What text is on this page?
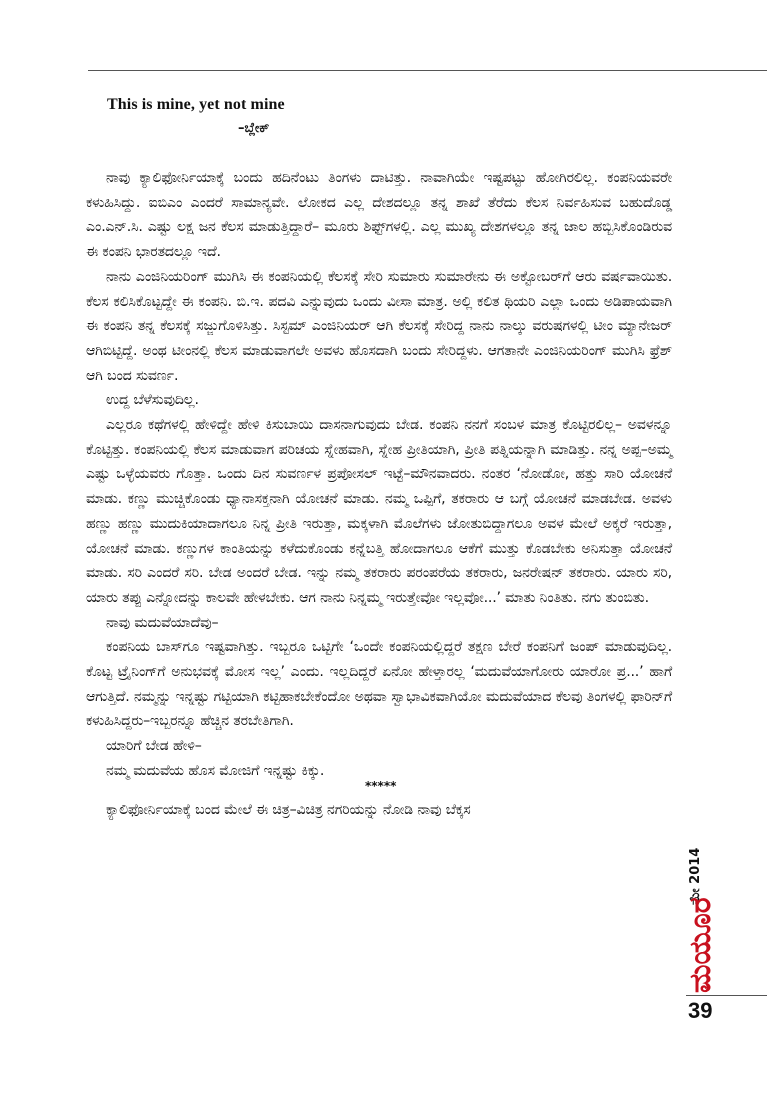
This is mine, yet not mine
–ಬ್ಲೇಕ್

ನಾವು ಕ್ಯಾಲಿಫೋರ್ನಿಯಾಕ್ಕೆ ಬಂದು ಹದಿನೆಂಟು ತಿಂಗಳು ದಾಟಿತ್ತು. ನಾವಾಗಿಯೇ ಇಷ್ಟಪಟ್ಟು ಹೋಗಿರಲಿಲ್ಲ. ಕಂಪನಿಯವರೇ ಕಳುಹಿಸಿದ್ದು. ಐಬಿಎಂ ಎಂದರೆ ಸಾಮಾನ್ಯವೇ. ಲೋಕದ ಎಲ್ಲ ದೇಶದಲ್ಲೂ ತನ್ನ ಶಾಖೆ ತೆರೆದು ಕೆಲಸ ನಿರ್ವಹಿಸುವ ಬಹುದೊಡ್ಡ ಎಂ.ಎನ್.ಸಿ. ಎಷ್ಟು ಲಕ್ಷ ಜನ ಕೆಲಸ ಮಾಡುತ್ತಿದ್ದಾರೆ– ಮೂರು ಶಿಫ್ಟ್‌ಗಳಲ್ಲಿ. ಎಲ್ಲ ಮುಖ್ಯ ದೇಶಗಳಲ್ಲೂ ತನ್ನ ಜಾಲ ಹಬ್ಬಿಸಿಕೊಂಡಿರುವ ಈ ಕಂಪನಿ ಭಾರತದಲ್ಲೂ ಇದೆ.

ನಾನು ಎಂಜಿನಿಯರಿಂಗ್ ಮುಗಿಸಿ ಈ ಕಂಪನಿಯಲ್ಲಿ ಕೆಲಸಕ್ಕೆ ಸೇರಿ ಸುಮಾರು ಸುಮಾರೇನು ಈ ಅಕ್ಟೋಬರ್‌ಗೆ ಆರು ವರ್ಷವಾಯಿತು. ಕೆಲಸ ಕಲಿಸಿಕೊಟ್ಟದ್ದೇ ಈ ಕಂಪನಿ. ಬಿ.ಇ. ಪದವಿ ಎನ್ನುವುದು ಒಂದು ವೀಸಾ ಮಾತ್ರ. ಅಲ್ಲಿ ಕಲಿತ ಥಿಯರಿ ಎಲ್ಲಾ ಒಂದು ಅಡಿಪಾಯವಾಗಿ ಈ ಕಂಪನಿ ತನ್ನ ಕೆಲಸಕ್ಕೆ ಸಜ್ಜುಗೊಳಿಸಿತ್ತು. ಸಿಸ್ಟಮ್ ಎಂಜಿನಿಯರ್ ಆಗಿ ಕೆಲಸಕ್ಕೆ ಸೇರಿದ್ದ ನಾನು ನಾಲ್ಕು ವರುಷಗಳಲ್ಲಿ ಟೀಂ ಮ್ಯಾನೇಜರ್ ಆಗಿಬಿಟ್ಟಿದ್ದೆ. ಅಂಥ ಟೀಂನಲ್ಲಿ ಕೆಲಸ ಮಾಡುವಾಗಲೇ ಅವಳು ಹೊಸದಾಗಿ ಬಂದು ಸೇರಿದ್ದಳು. ಆಗತಾನೇ ಎಂಜಿನಿಯರಿಂಗ್ ಮುಗಿಸಿ ಫ್ರೆಶ್ ಆಗಿ ಬಂದ ಸುವರ್ಣ.

ಉದ್ದ ಬೆಳೆಸುವುದಿಲ್ಲ.

ಎಲ್ಲರೂ ಕಥೆಗಳಲ್ಲಿ ಹೇಳಿದ್ದೇ ಹೇಳಿ ಕಿಸುಬಾಯಿ ದಾಸನಾಗುವುದು ಬೇಡ. ಕಂಪನಿ ನನಗೆ ಸಂಬಳ ಮಾತ್ರ ಕೊಟ್ಟಿರಲಿಲ್ಲ– ಅವಳನ್ನೂ ಕೊಟ್ಟಿತ್ತು. ಕಂಪನಿಯಲ್ಲಿ ಕೆಲಸ ಮಾಡುವಾಗ ಪರಿಚಯ ಸ್ನೇಹವಾಗಿ, ಸ್ನೇಹ ಪ್ರೀತಿಯಾಗಿ, ಪ್ರೀತಿ ಪತ್ನಿಯನ್ನಾಗಿ ಮಾಡಿತ್ತು. ನನ್ನ ಅಪ್ಪ–ಅಮ್ಮ ಎಷ್ಟು ಒಳ್ಳೆಯವರು ಗೊತ್ತಾ. ಒಂದು ದಿನ ಸುವರ್ಣಳ ಪ್ರಪೋಸಲ್ ಇಟ್ಟೆ–ಮೌನವಾದರು. ನಂತರ ‘ನೋಡೋ, ಹತ್ತು ಸಾರಿ ಯೋಚನೆ ಮಾಡು. ಕಣ್ಣು ಮುಚ್ಚಿಕೊಂಡು ಧ್ಯಾನಾಸಕ್ತನಾಗಿ ಯೋಚನೆ ಮಾಡು. ನಮ್ಮ ಒಪ್ಪಿಗೆ, ತಕರಾರು ಆ ಬಗ್ಗೆ ಯೋಚನೆ ಮಾಡಬೇಡ. ಅವಳು ಹಣ್ಣು ಹಣ್ಣು ಮುದುಕಿಯಾದಾಗಲೂ ನಿನ್ನ ಪ್ರೀತಿ ಇರುತ್ತಾ, ಮಕ್ಕಳಾಗಿ ಮೊಲೆಗಳು ಜೋತುಬಿದ್ದಾಗಲೂ ಅವಳ ಮೇಲೆ ಅಕ್ಕರೆ ಇರುತ್ತಾ, ಯೋಚನೆ ಮಾಡು. ಕಣ್ಣುಗಳ ಕಾಂತಿಯನ್ನು ಕಳೆದುಕೊಂಡು ಕನ್ನೆಬತ್ತಿ ಹೋದಾಗಲೂ ಆಕೆಗೆ ಮುತ್ತು ಕೊಡಬೇಕು ಅನಿಸುತ್ತಾ ಯೋಚನೆ ಮಾಡು. ಸರಿ ಎಂದರೆ ಸರಿ. ಬೇಡ ಅಂದರೆ ಬೇಡ. ಇನ್ನು ನಮ್ಮ ತಕರಾರು ಪರಂಪರೆಯ ತಕರಾರು, ಜನರೇಷನ್ ತಕರಾರು. ಯಾರು ಸರಿ, ಯಾರು ತಪ್ಪು ಎನ್ನೋದನ್ನು ಕಾಲವೇ ಹೇಳಬೇಕು. ಆಗ ನಾನು ನಿನ್ನಮ್ಮ ಇರುತ್ತೇವೋ ಇಲ್ಲವೋ...’ ಮಾತು ನಿಂತಿತು. ನಗು ತುಂಬಿತು.

ನಾವು ಮದುವೆಯಾದೆವು–

ಕಂಪನಿಯ ಬಾಸ್‌ಗೂ ಇಷ್ಟವಾಗಿತ್ತು. ಇಬ್ಬರೂ ಒಟ್ಟಿಗೇ ‘ಒಂದೇ ಕಂಪನಿಯಲ್ಲಿದ್ದರೆ ತಕ್ಷಣ ಬೇರೆ ಕಂಪನಿಗೆ ಜಂಪ್ ಮಾಡುವುದಿಲ್ಲ. ಕೊಟ್ಟ ಟ್ರೈನಿಂಗ್‌ಗೆ ಅನುಭವಕ್ಕೆ ಮೋಸ ಇಲ್ಲ’ ಎಂದು. ಇಲ್ಲದಿದ್ದರೆ ಏನೋ ಹೇಳ್ತಾರಲ್ಲ ‘ಮದುವೆಯಾಗೋರು ಯಾರೋ ಪ್ರ...’ ಹಾಗೆ ಆಗುತ್ತಿದೆ. ನಮ್ಮನ್ನು ಇನ್ನಷ್ಟು ಗಟ್ಟಿಯಾಗಿ ಕಟ್ಟಿಹಾಕಬೇಕೆಂದೋ ಅಥವಾ ಸ್ವಾಭಾವಿಕವಾಗಿಯೋ ಮದುವೆಯಾದ ಕೆಲವು ತಿಂಗಳಲ್ಲಿ ಫಾರಿನ್‌ಗೆ ಕಳುಹಿಸಿದ್ದರು–ಇಬ್ಬರನ್ನೂ ಹೆಚ್ಚಿನ ತರಬೇತಿಗಾಗಿ.

ಯಾರಿಗೆ ಬೇಡ ಹೇಳಿ–

ನಮ್ಮ ಮದುವೆಯ ಹೊಸ ಮೋಜಿಗೆ ಇನ್ನಷ್ಟು ಕಿಕ್ಕು.

*****

ಕ್ಯಾಲಿಫೋರ್ನಿಯಾಕ್ಕೆ ಬಂದ ಮೇಲೆ ಈ ಚಿತ್ರ–ವಿಚಿತ್ರ ನಗರಿಯನ್ನು ನೋಡಿ ನಾವು ಬೆಕ್ಕಸ

ಮೇ 2014
ಮಯೂರ
39
